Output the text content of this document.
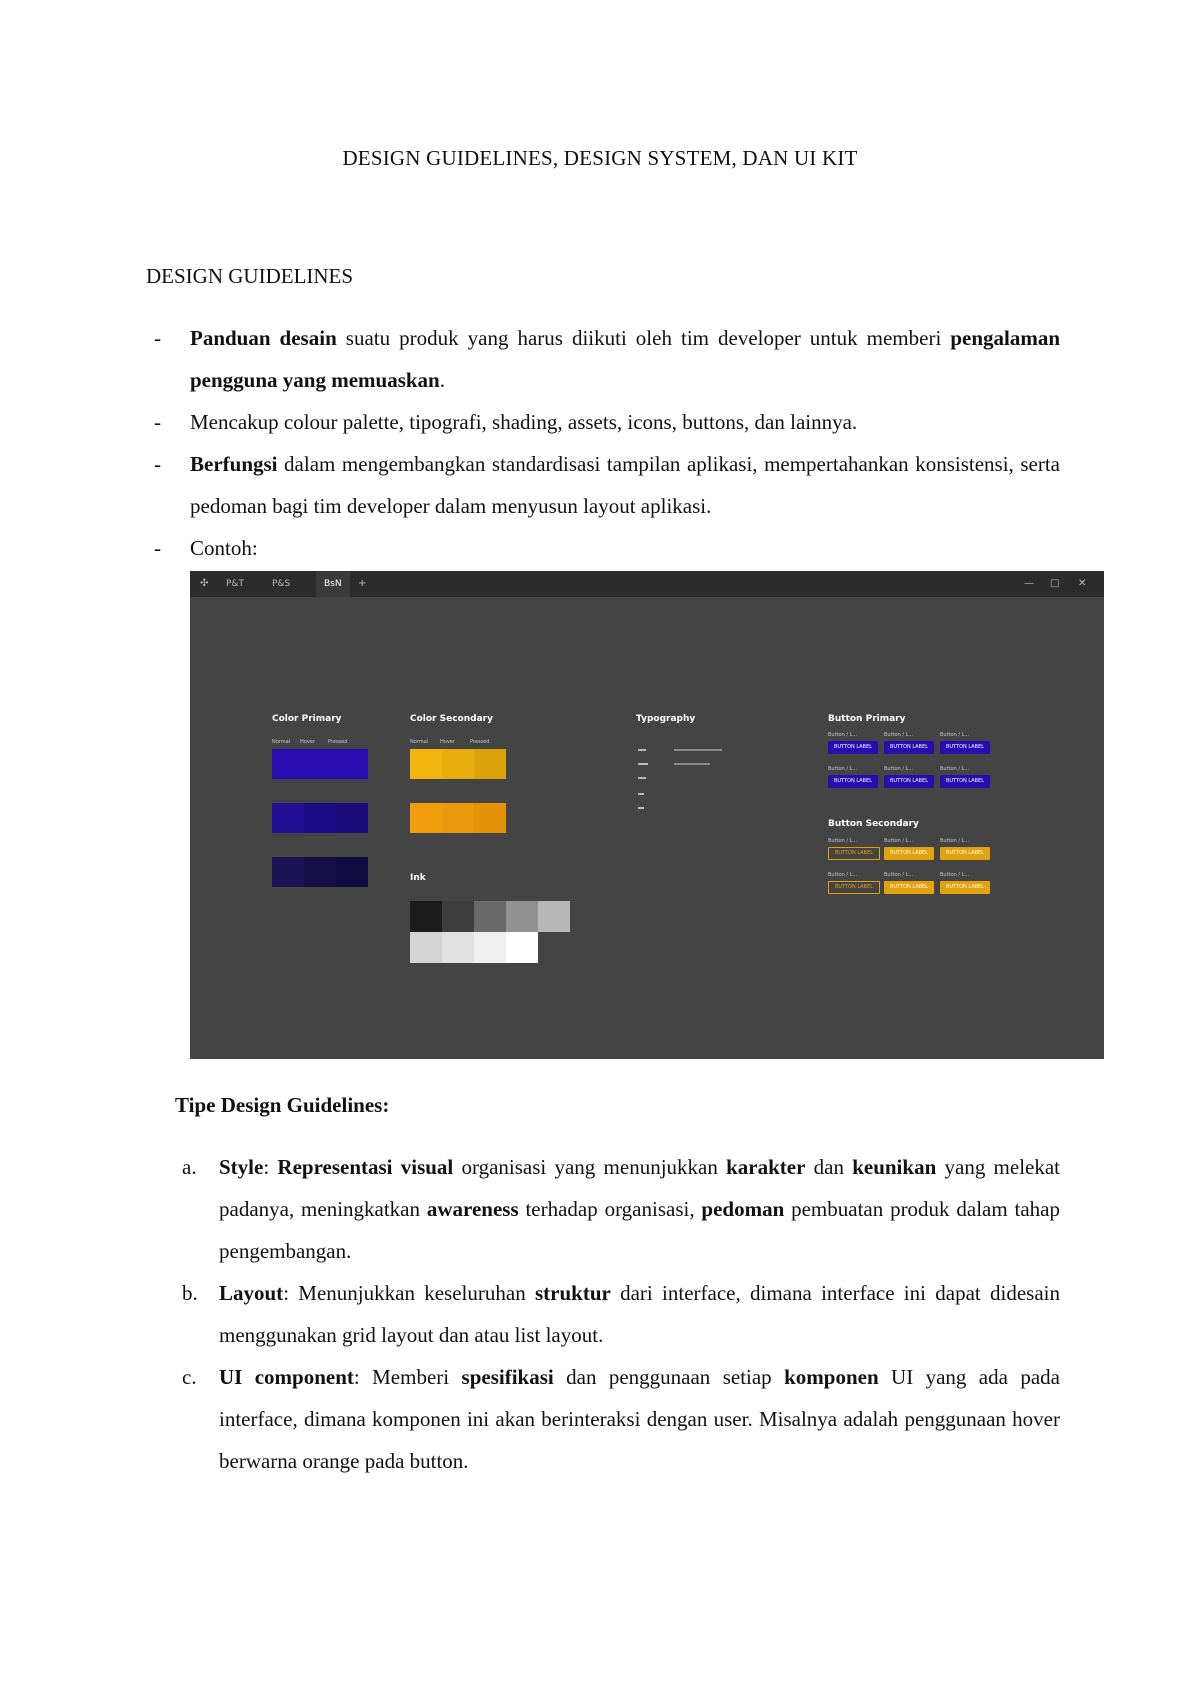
DESIGN GUIDELINES, DESIGN SYSTEM, DAN UI KIT
DESIGN GUIDELINES
- Panduan desain suatu produk yang harus diikuti oleh tim developer untuk memberi pengalaman pengguna yang memuaskan.
- Mencakup colour palette, tipografi, shading, assets, icons, buttons, dan lainnya.
- Berfungsi dalam mengembangkan standardisasi tampilan aplikasi, mempertahankan konsistensi, serta pedoman bagi tim developer dalam menyusun layout aplikasi.
- Contoh:
✣ P&T	P&S	BsN	+	— □ ✕
Color Primary
Normal Hover	Pressed
Color Secondary
Normal Hover	Pressed
Ink
Typography	Button Primary
Button Secondary
Button / L...
BUTTON LABEL
Button / L...
BUTTON LABEL
Button / L...
BUTTON LABEL
Button / L...
BUTTON LABEL
Button / L...
BUTTON LABEL
Button / L...
BUTTON LABEL
Button / L...
BUTTON LABEL
Button / L...
BUTTON LABEL
Button / L...
BUTTON LABEL
Button / L...
BUTTON LABEL
Button / L...
BUTTON LABEL
Button / L...
BUTTON LABEL
Tipe Design Guidelines:
a. Style: Representasi visual organisasi yang menunjukkan karakter dan keunikan yang melekat padanya, meningkatkan awareness terhadap organisasi, pedoman pembuatan produk dalam tahap pengembangan.
b. Layout: Menunjukkan keseluruhan struktur dari interface, dimana interface ini dapat didesain menggunakan grid layout dan atau list layout.
c. UI component: Memberi spesifikasi dan penggunaan setiap komponen UI yang ada pada interface, dimana komponen ini akan berinteraksi dengan user. Misalnya adalah penggunaan hover berwarna orange pada button.
